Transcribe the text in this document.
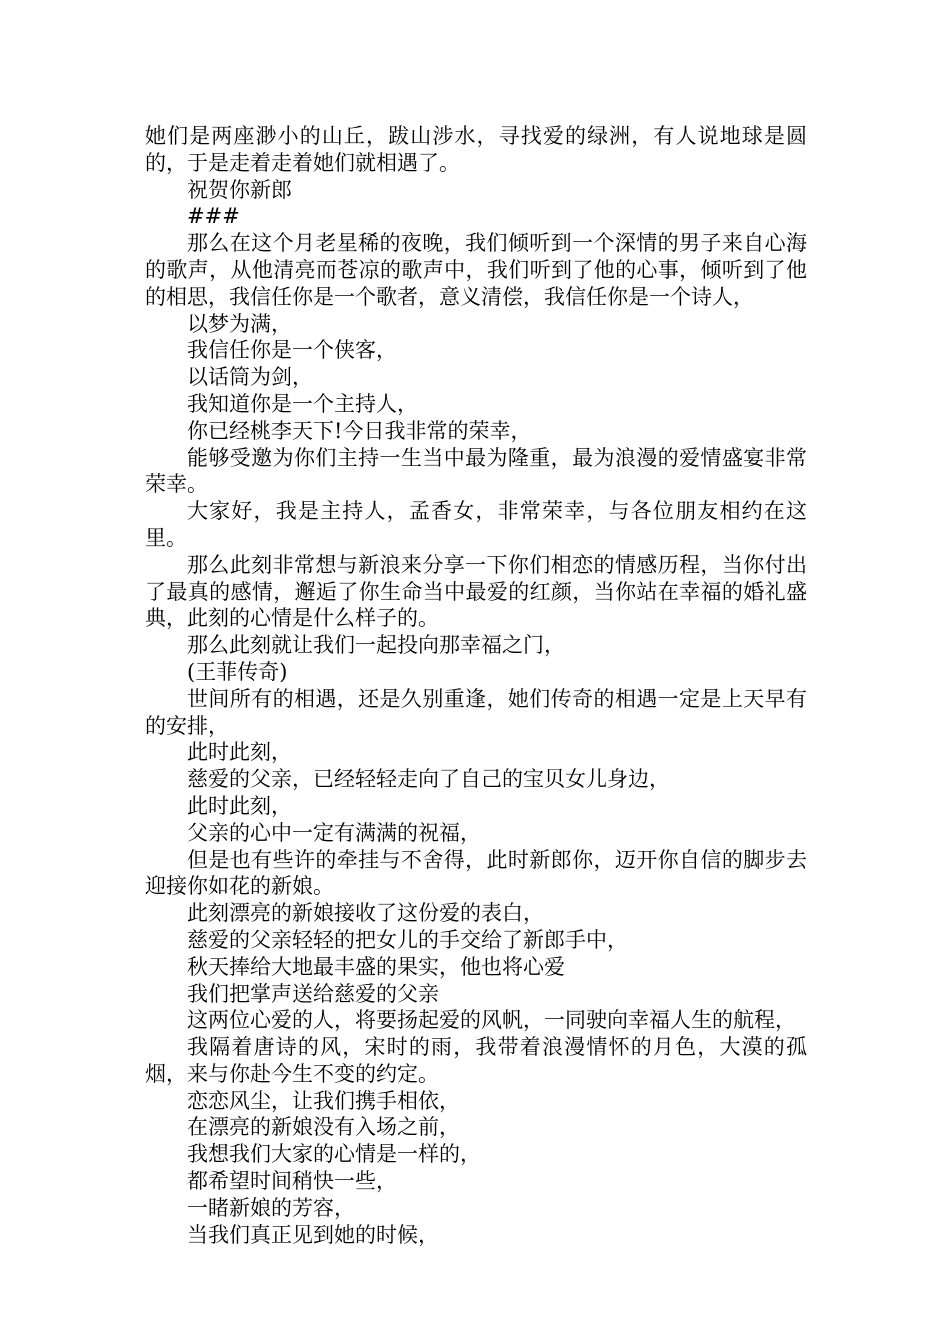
她们是两座渺小的山丘，跋山涉水，寻找爱的绿洲，有人说地球是圆的，于是走着走着她们就相遇了。

祝贺你新郎

###

那么在这个月老星稀的夜晚，我们倾听到一个深情的男子来自心海的歌声，从他清亮而苍凉的歌声中，我们听到了他的心事，倾听到了他的相思，我信任你是一个歌者，意义清偿，我信任你是一个诗人，

以梦为满，

我信任你是一个侠客，

以话筒为剑，

我知道你是一个主持人，

你已经桃李天下!今日我非常的荣幸，

能够受邀为你们主持一生当中最为隆重，最为浪漫的爱情盛宴非常荣幸。

大家好，我是主持人，孟香女，非常荣幸，与各位朋友相约在这里。

那么此刻非常想与新浪来分享一下你们相恋的情感历程，当你付出了最真的感情，邂逅了你生命当中最爱的红颜，当你站在幸福的婚礼盛典，此刻的心情是什么样子的。

那么此刻就让我们一起投向那幸福之门，

(王菲传奇)

世间所有的相遇，还是久别重逢，她们传奇的相遇一定是上天早有的安排，

此时此刻，

慈爱的父亲，已经轻轻走向了自己的宝贝女儿身边，

此时此刻，

父亲的心中一定有满满的祝福，

但是也有些许的牵挂与不舍得，此时新郎你，迈开你自信的脚步去迎接你如花的新娘。

此刻漂亮的新娘接收了这份爱的表白，

慈爱的父亲轻轻的把女儿的手交给了新郎手中，

秋天捧给大地最丰盛的果实，他也将心爱

我们把掌声送给慈爱的父亲

这两位心爱的人，将要扬起爱的风帆，一同驶向幸福人生的航程，

我隔着唐诗的风，宋时的雨，我带着浪漫情怀的月色，大漠的孤烟，来与你赴今生不变的约定。

恋恋风尘，让我们携手相依，

在漂亮的新娘没有入场之前，

我想我们大家的心情是一样的，

都希望时间稍快一些，

一睹新娘的芳容，

当我们真正见到她的时候，
